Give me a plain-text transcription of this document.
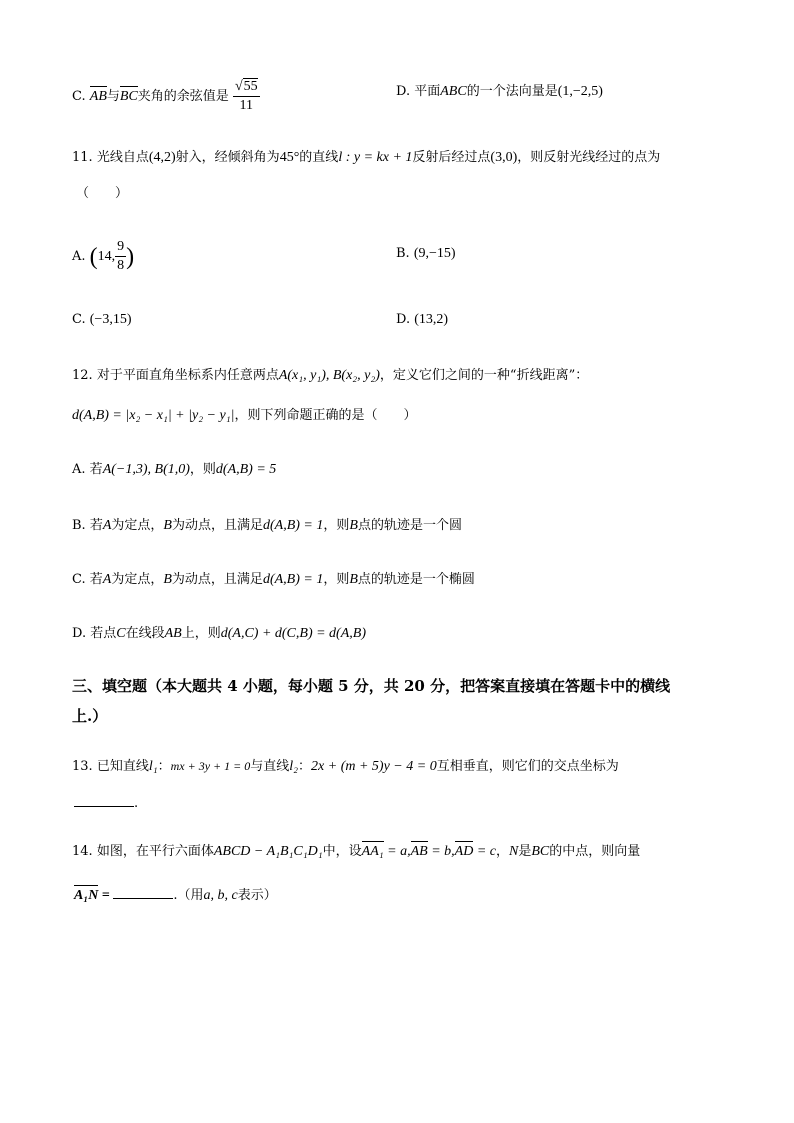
C. AB与BC夹角的余弦值是 $\frac{√55}{11}$	D. 平面ABC的一个法向量是(1,−2,5)
11. 光线自点(4,2)射入，经倾斜角为45°的直线l : y = kx + 1反射后经过点(3,0)，则反射光线经过的点为
（　　）
A. (14, $\frac{9}{8}$ )	B. (9,−15)
C. (−3,15)	D. (13,2)
12. 对于平面直角坐标系内任意两点A(x₁, y₁), B(x₂, y₂)，定义它们之间的一种“折线距离”：
d(A,B) = |x₂ − x₁| + |y₂ − y₁|，则下列命题正确的是（　　）
A. 若A(−1,3), B(1,0)，则d(A,B) = 5
B. 若A为定点，B为动点，且满足d(A,B) = 1，则B点的轨迹是一个圆
C. 若A为定点，B为动点，且满足d(A,B) = 1，则B点的轨迹是一个椭圆
D. 若点C在线段AB上，则d(A,C) + d(C,B) = d(A,B)
三、填空题（本大题共 4 小题，每小题 5 分，共 20 分，把答案直接填在答题卡中的横线
上.）
13. 已知直线l₁：mx + 3y + 1 = 0与直线l₂：2x + (m + 5)y − 4 = 0互相垂直，则它们的交点坐标为
.
14. 如图，在平行六面体ABCD − A₁B₁C₁D₁中，设AA₁ = a,AB = b,AD = c，N是BC的中点，则向量
A₁N =	.（用a, b, c表示）
